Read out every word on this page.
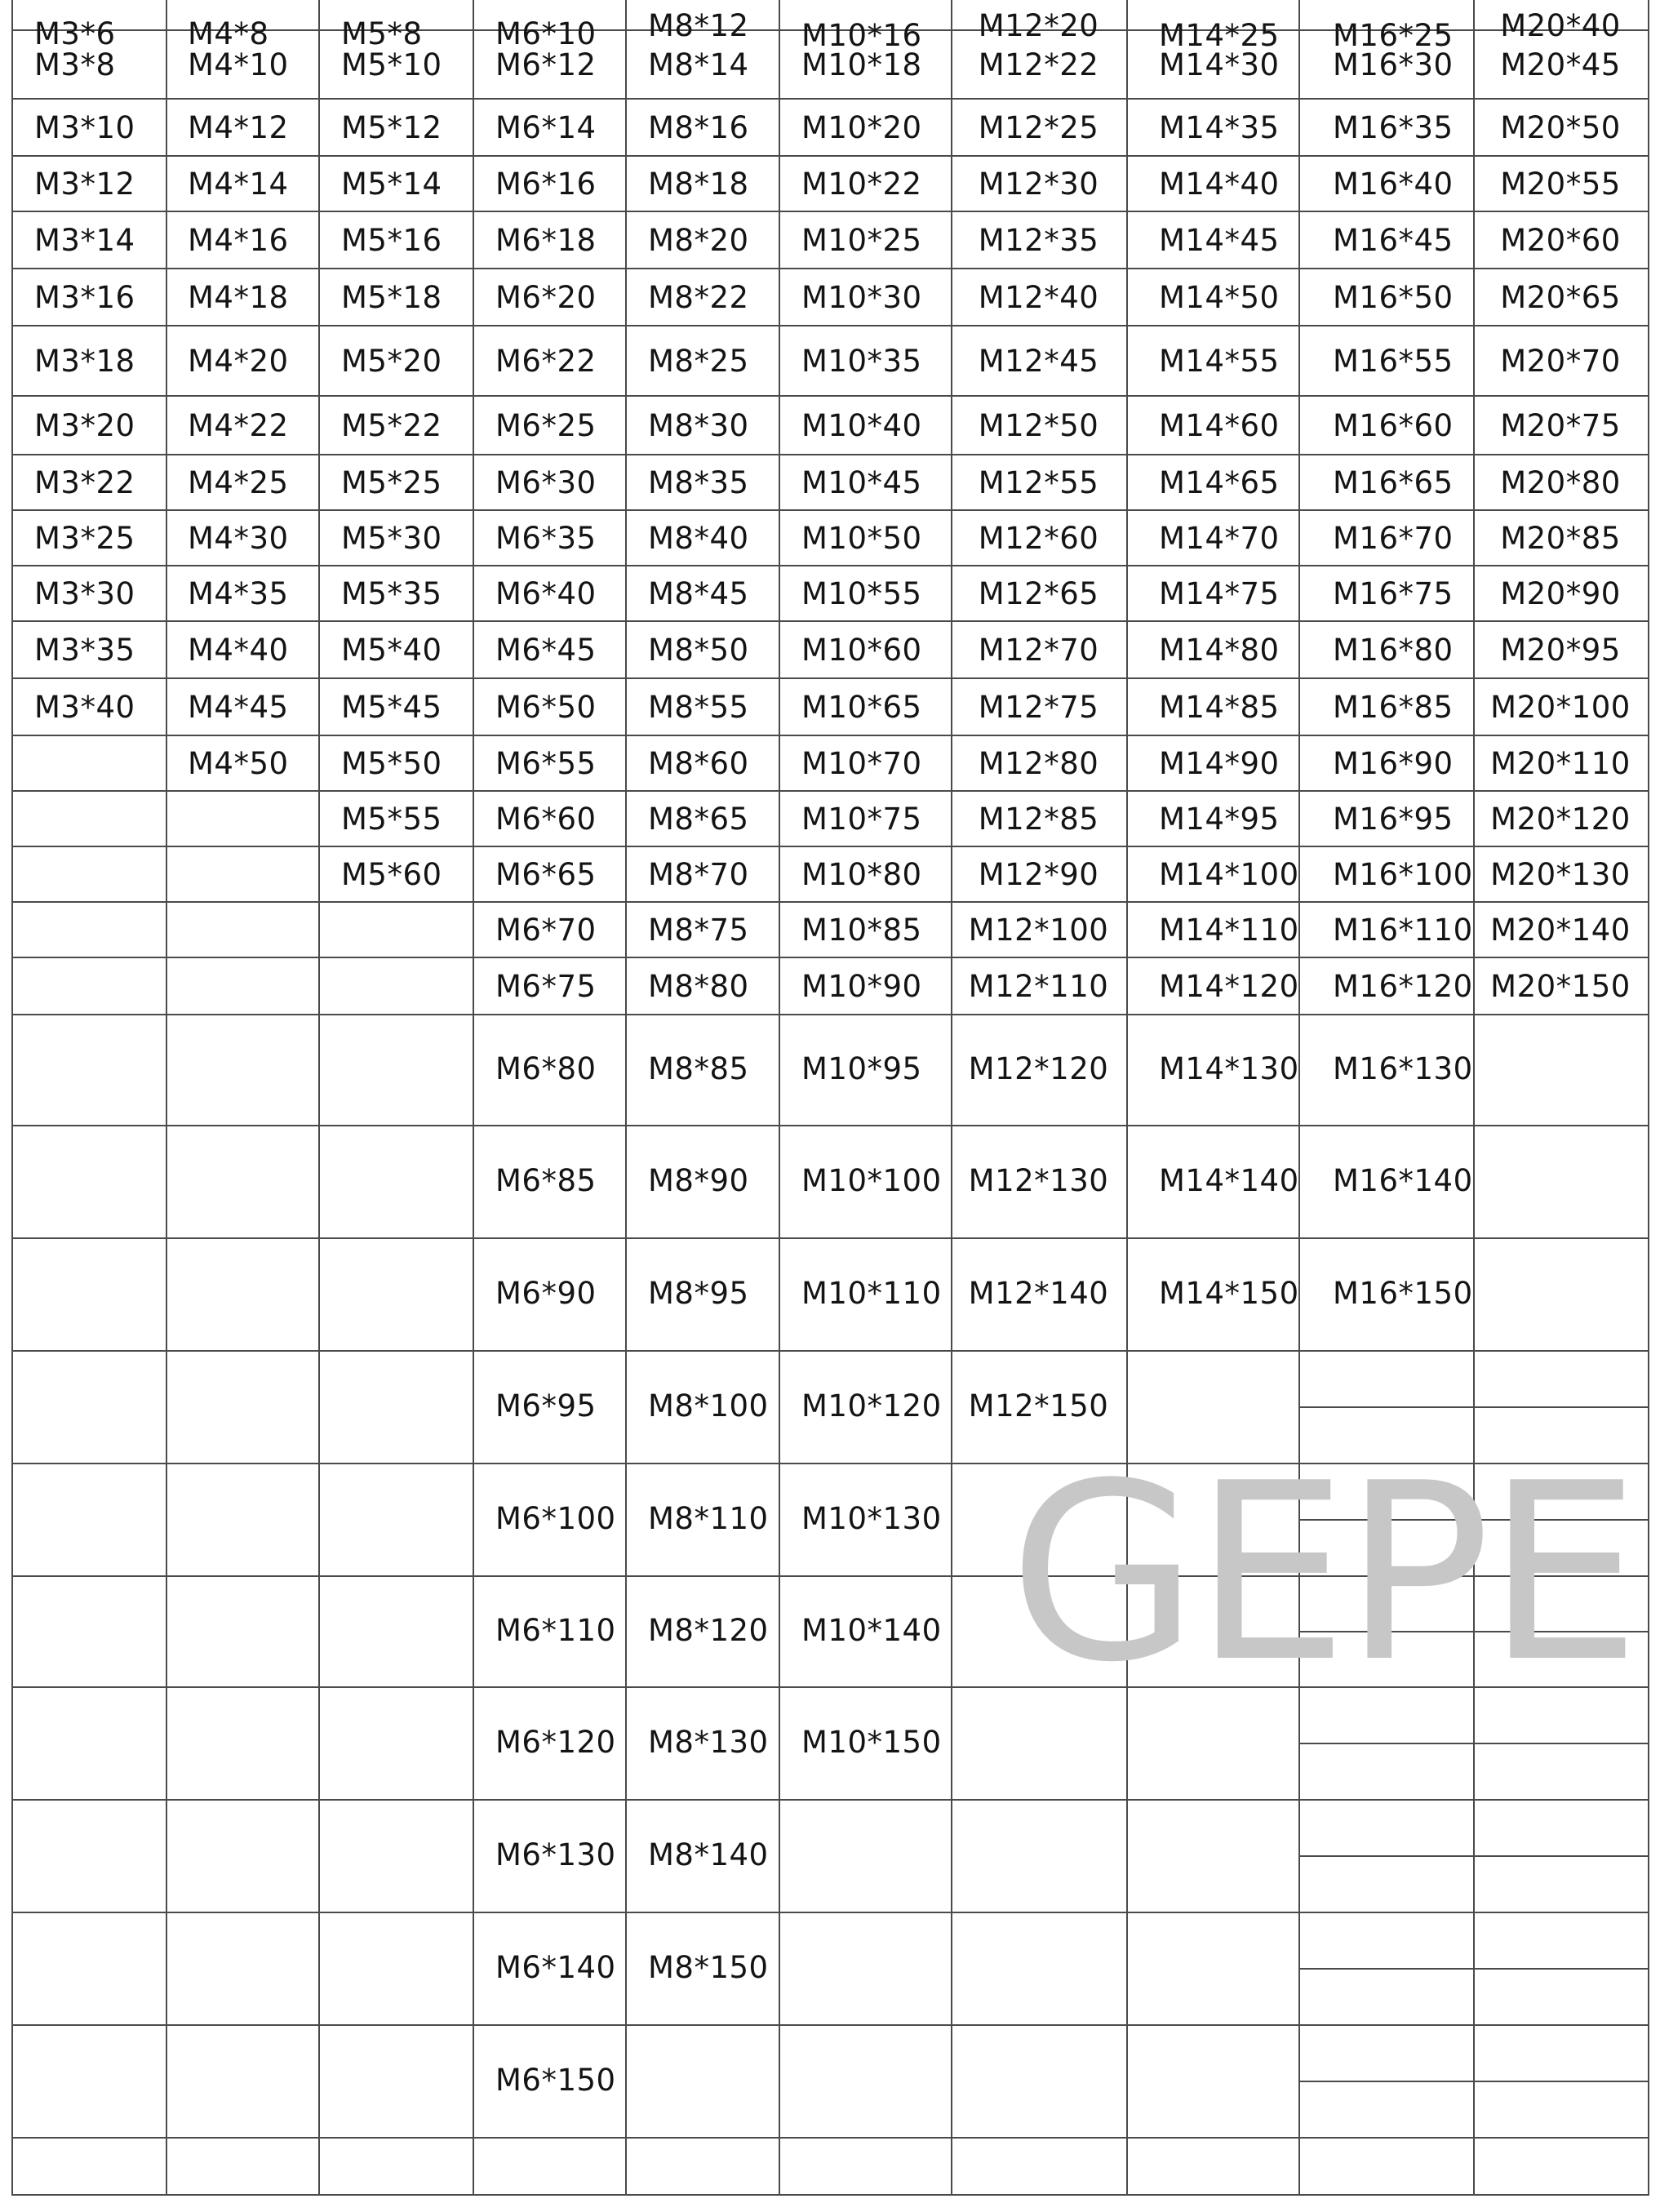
M3*6
M3*8
M3*10
M3*12
M3*14
M3*16
M3*18
M3*20
M3*22
M3*25
M3*30
M3*35
M3*40
M4*8
M4*10
M4*12
M4*14
M4*16
M4*18
M4*20
M4*22
M4*25
M4*30
M4*35
M4*40
M4*45
M4*50
M5*8
M5*10
M5*12
M5*14
M5*16
M5*18
M5*20
M5*22
M5*25
M5*30
M5*35
M5*40
M5*45
M5*50
M5*55
M5*60
M6*10
M6*12
M6*14
M6*16
M6*18
M6*20
M6*22
M6*25
M6*30
M6*35
M6*40
M6*45
M6*50
M6*55
M6*60
M6*65
M6*70
M6*75
M6*80
M6*85
M6*90
M6*95
M6*100
M6*110
M6*120
M6*130
M6*140
M6*150
M8*12
M8*14
M8*16
M8*18
M8*20
M8*22
M8*25
M8*30
M8*35
M8*40
M8*45
M8*50
M8*55
M8*60
M8*65
M8*70
M8*75
M8*80
M8*85
M8*90
M8*95
M8*100
M8*110
M8*120
M8*130
M8*140
M8*150
M10*16
M10*18
M10*20
M10*22
M10*25
M10*30
M10*35
M10*40
M10*45
M10*50
M10*55
M10*60
M10*65
M10*70
M10*75
M10*80
M10*85
M10*90
M10*95
M10*100
M10*110
M10*120
M10*130
M10*140
M10*150
M12*20
M12*22
M12*25
M12*30
M12*35
M12*40
M12*45
M12*50
M12*55
M12*60
M12*65
M12*70
M12*75
M12*80
M12*85
M12*90
M12*100
M12*110
M12*120
M12*130
M12*140
M12*150
M14*25
M14*30
M14*35
M14*40
M14*45
M14*50
M14*55
M14*60
M14*65
M14*70
M14*75
M14*80
M14*85
M14*90
M14*95
M14*100
M14*110
M14*120
M14*130
M14*140
M14*150
M16*25
M16*30
M16*35
M16*40
M16*45
M16*50
M16*55
M16*60
M16*65
M16*70
M16*75
M16*80
M16*85
M16*90
M16*95
M16*100
M16*110
M16*120
M16*130
M16*140
M16*150
M20*40
M20*45
M20*50
M20*55
M20*60
M20*65
M20*70
M20*75
M20*80
M20*85
M20*90
M20*95
M20*100
M20*110
M20*120
M20*130
M20*140
M20*150
GEPE
